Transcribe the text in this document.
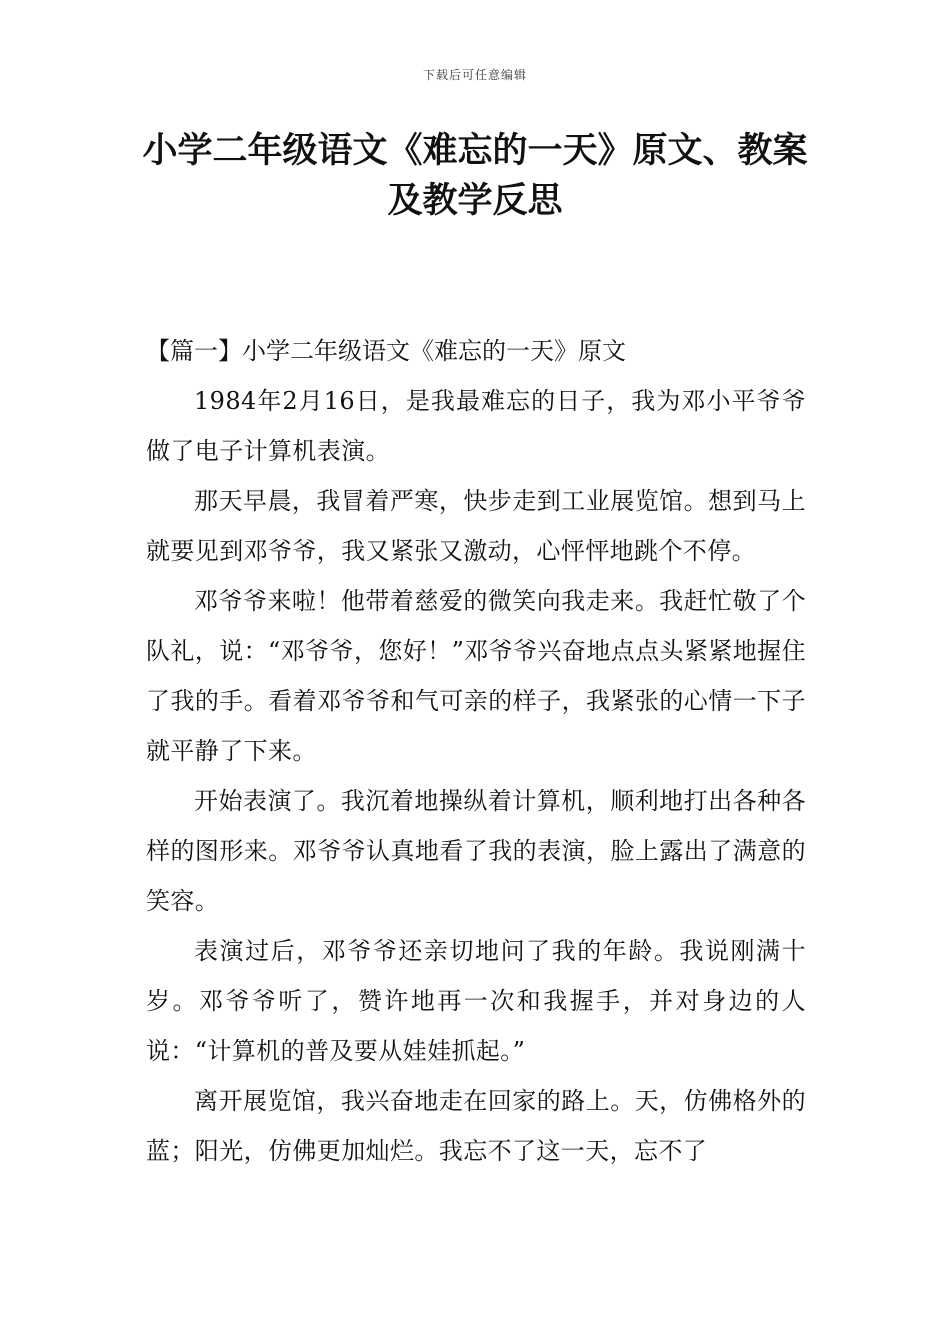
下载后可任意编辑
小学二年级语文《难忘的一天》原文、教案及教学反思

【篇一】小学二年级语文《难忘的一天》原文

1984年2月16日，是我最难忘的日子，我为邓小平爷爷做了电子计算机表演。

那天早晨，我冒着严寒，快步走到工业展览馆。想到马上就要见到邓爷爷，我又紧张又激动，心怦怦地跳个不停。

邓爷爷来啦！他带着慈爱的微笑向我走来。我赶忙敬了个队礼，说：“邓爷爷，您好！”邓爷爷兴奋地点点头紧紧地握住了我的手。看着邓爷爷和气可亲的样子，我紧张的心情一下子就平静了下来。

开始表演了。我沉着地操纵着计算机，顺利地打出各种各样的图形来。邓爷爷认真地看了我的表演，脸上露出了满意的笑容。

表演过后，邓爷爷还亲切地问了我的年龄。我说刚满十岁。邓爷爷听了，赞许地再一次和我握手，并对身边的人说：“计算机的普及要从娃娃抓起。”

离开展览馆，我兴奋地走在回家的路上。天，仿佛格外的蓝；阳光，仿佛更加灿烂。我忘不了这一天，忘不了
